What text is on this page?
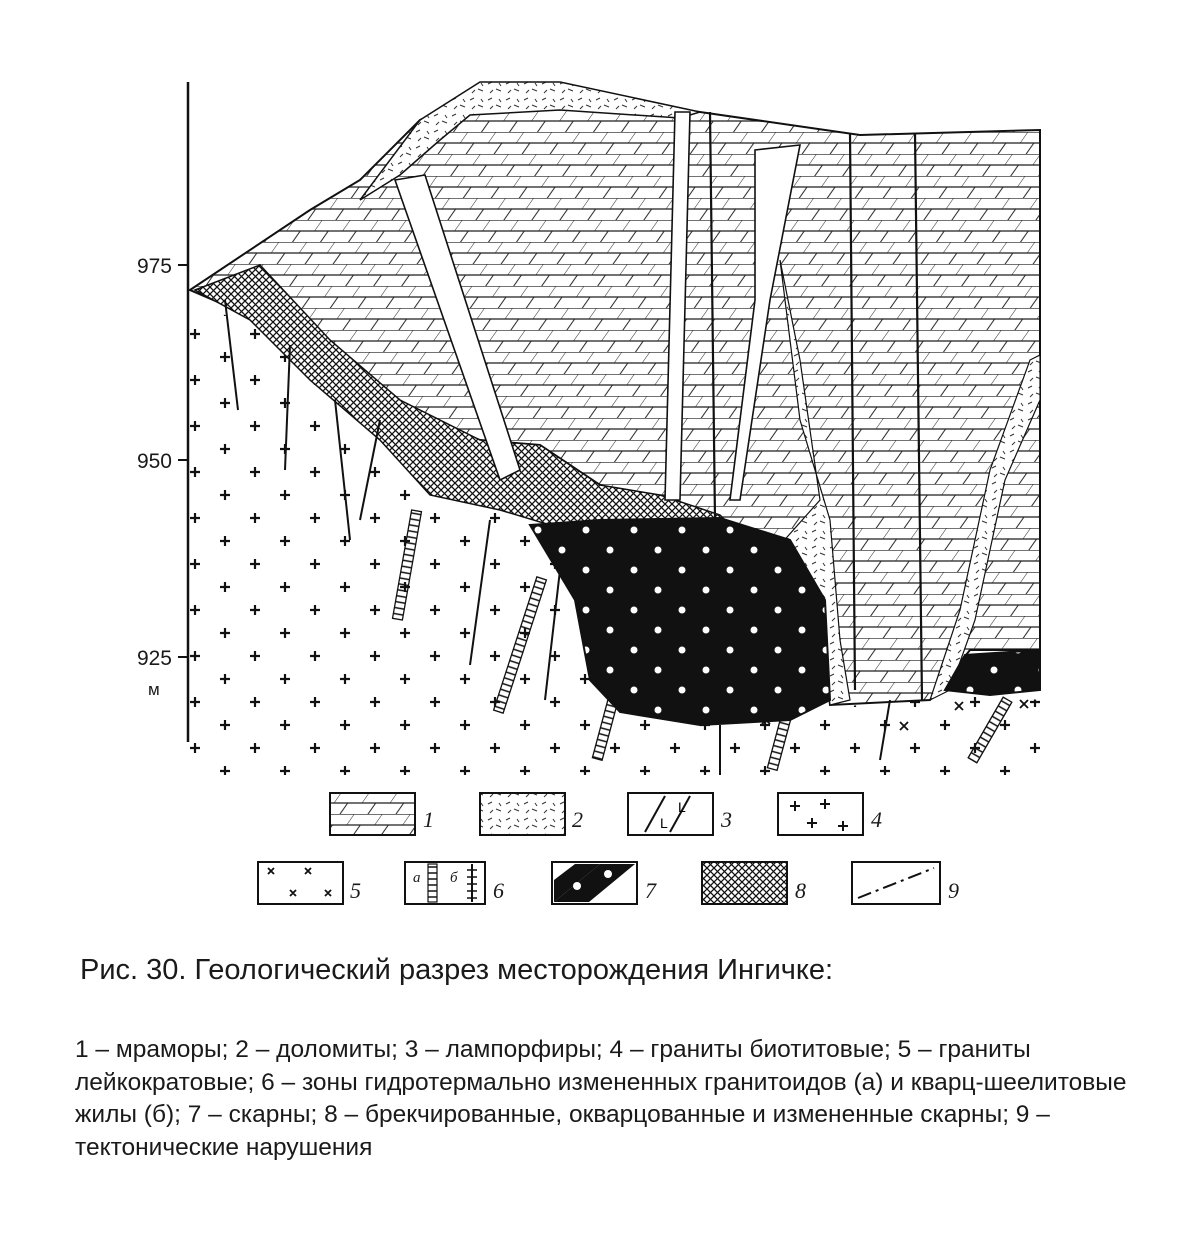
975
950
925
м
1	2	L
L 3	4
5	а б 6	7	8	9
Рис. 30. Геологический разрез месторождения Ингичке:

1 – мраморы; 2 – доломиты; 3 – лампорфиры; 4 – граниты биотитовые; 5 – граниты лейкократовые; 6 – зоны гидротермально измененных гранитоидов (а) и кварц-шеелитовые жилы (б); 7 – скарны; 8 – брекчированные, окварцованные и измененные скарны; 9 – тектонические нарушения
